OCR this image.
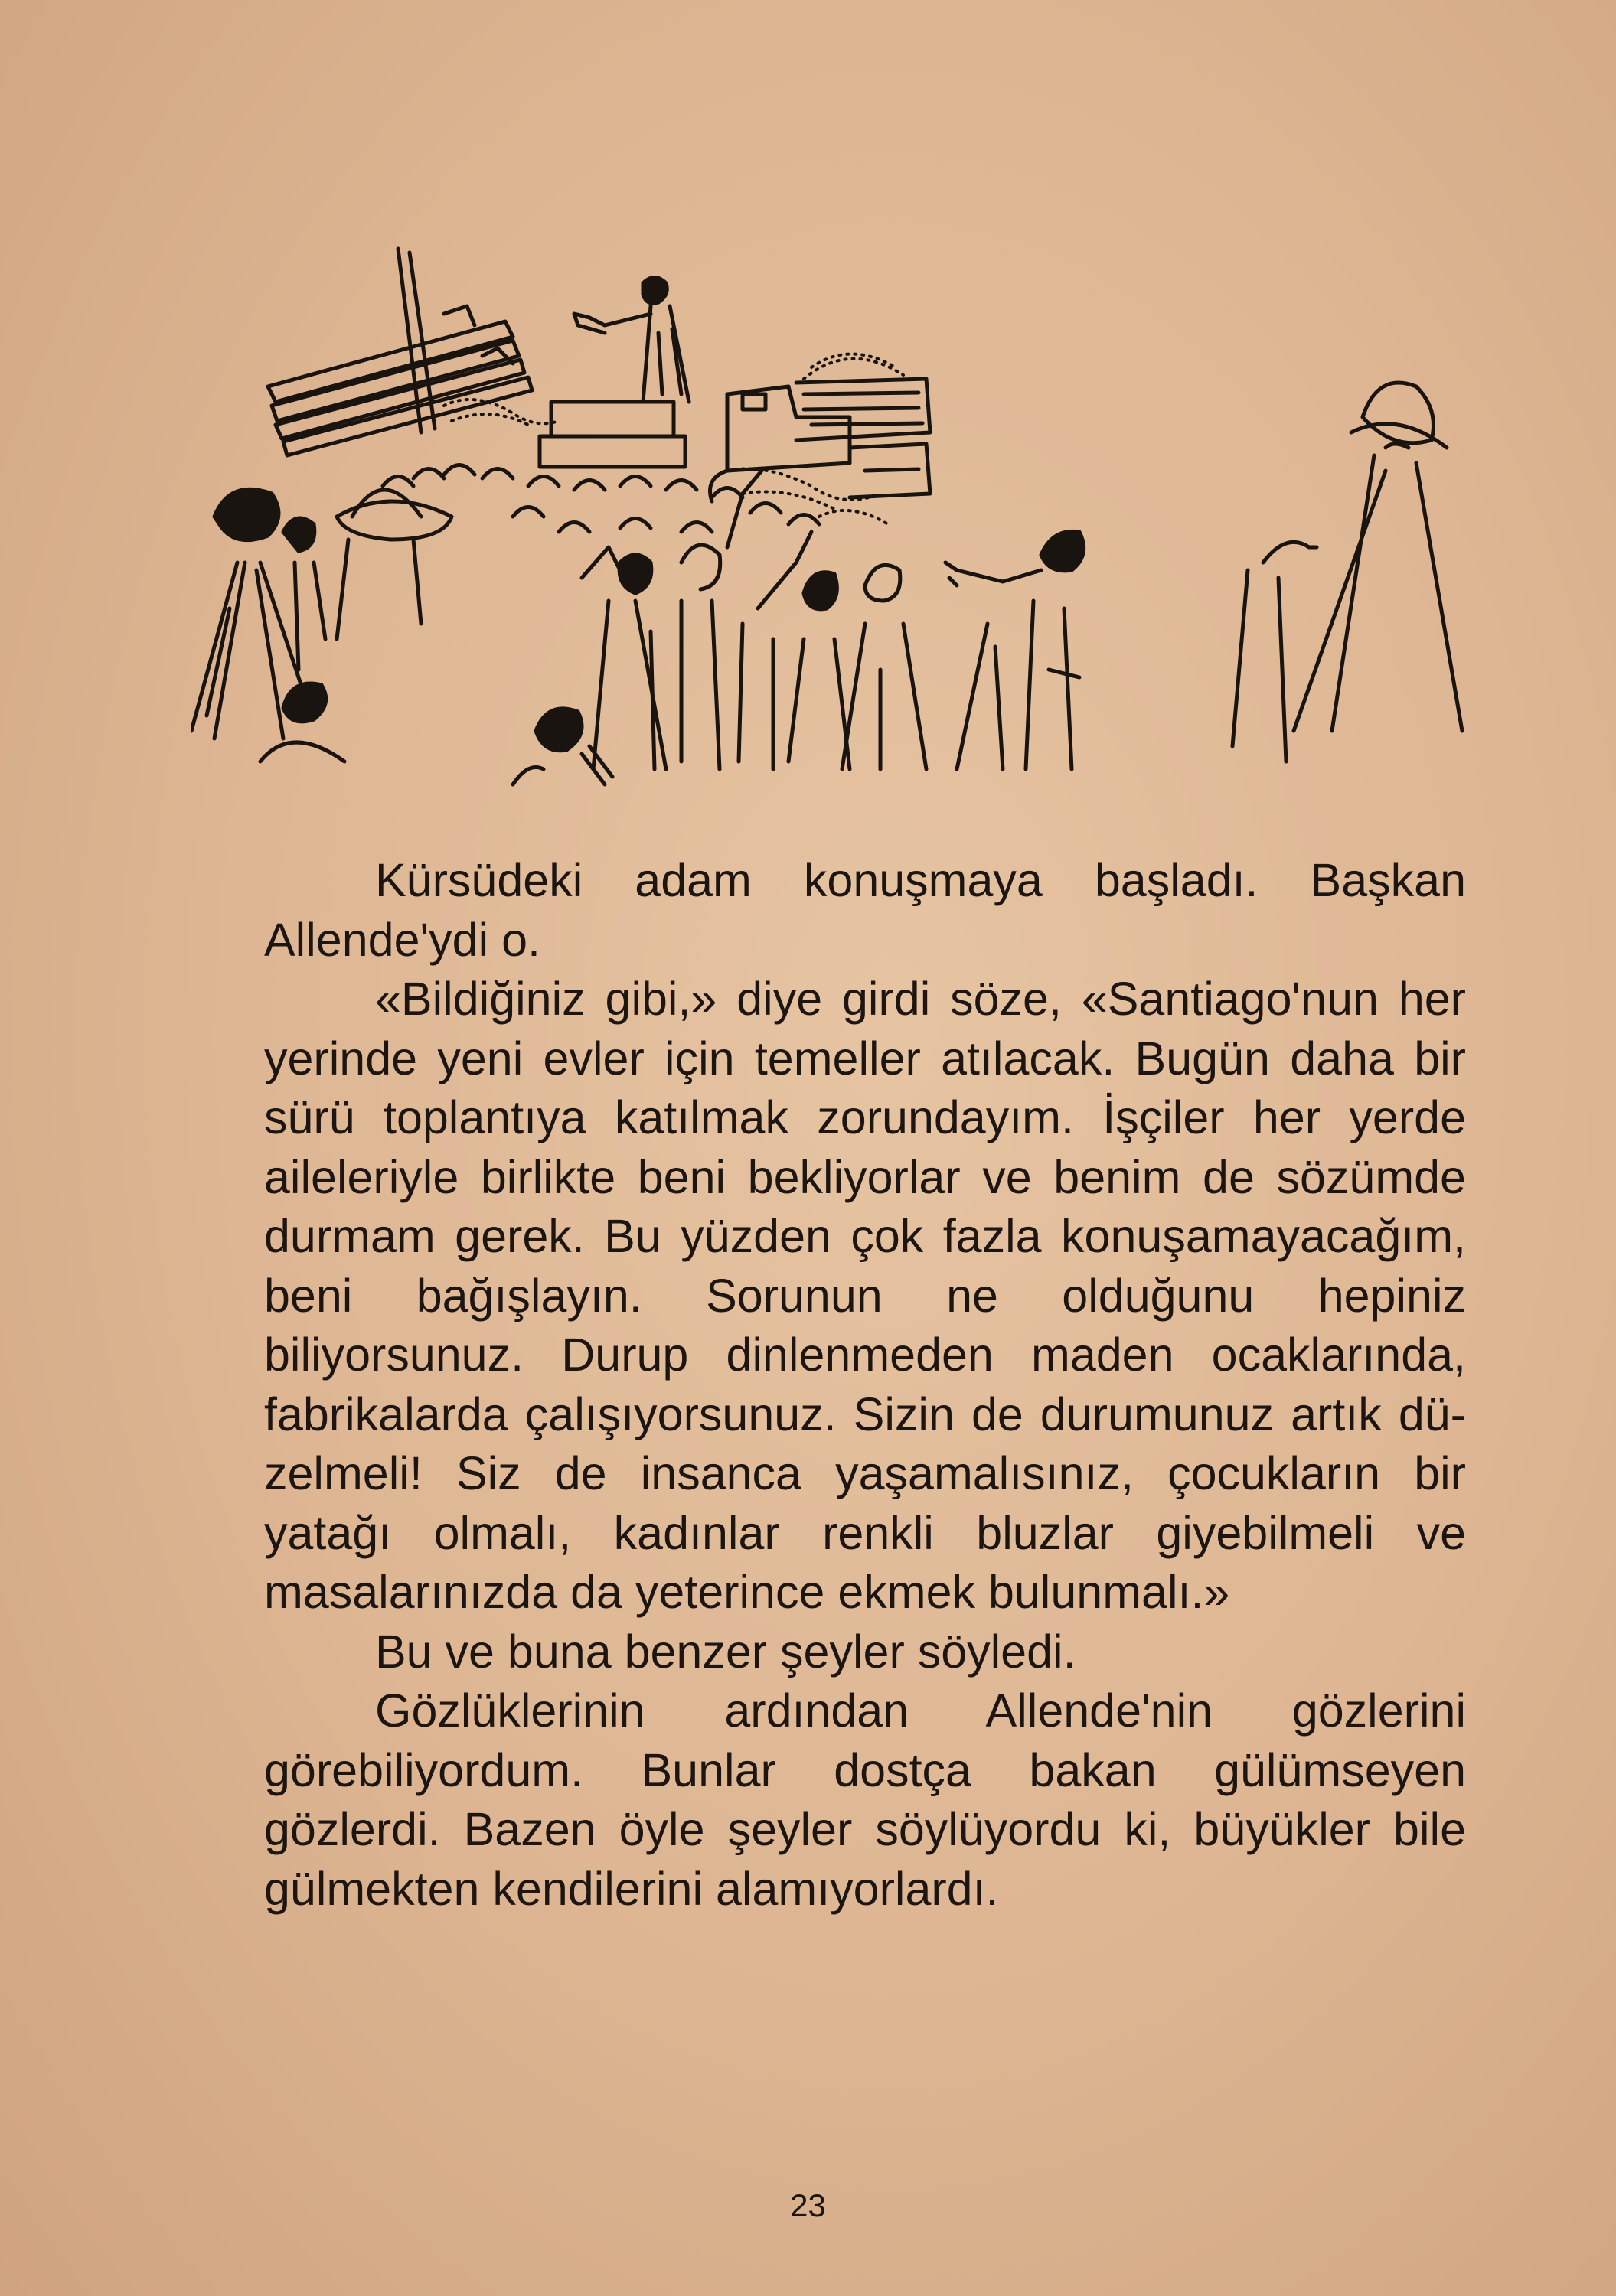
Kürsüdeki adam konuşmaya başladı. Başkan Allende'ydi o.

«Bildiğiniz gibi,» diye girdi söze, «Santiago'nun her yerinde yeni evler için temeller atılacak. Bugün daha bir sürü toplantıya katılmak zorundayım. İşçiler her yerde aileleriyle birlikte beni bekliyorlar ve benim de sözümde durmam gerek. Bu yüzden çok fazla konuşamayacağım, beni bağışlayın. Sorunun ne olduğunu hepiniz biliyorsunuz. Durup dinlenmeden maden ocaklarında, fabrikalarda çalışıyorsunuz. Sizin de durumunuz artık düzelmeli! Siz de insanca yaşamalısınız, çocukların bir yatağı olmalı, kadınlar renkli bluzlar giyebilmeli ve masalarınızda da yeterince ekmek bulunmalı.»

Bu ve buna benzer şeyler söyledi.

Gözlüklerinin ardından Allende'nin gözlerini görebiliyordum. Bunlar dostça bakan gülümseyen gözlerdi. Bazen öyle şeyler söylüyordu ki, büyükler bile gülmekten kendilerini alamıyorlardı.

23
